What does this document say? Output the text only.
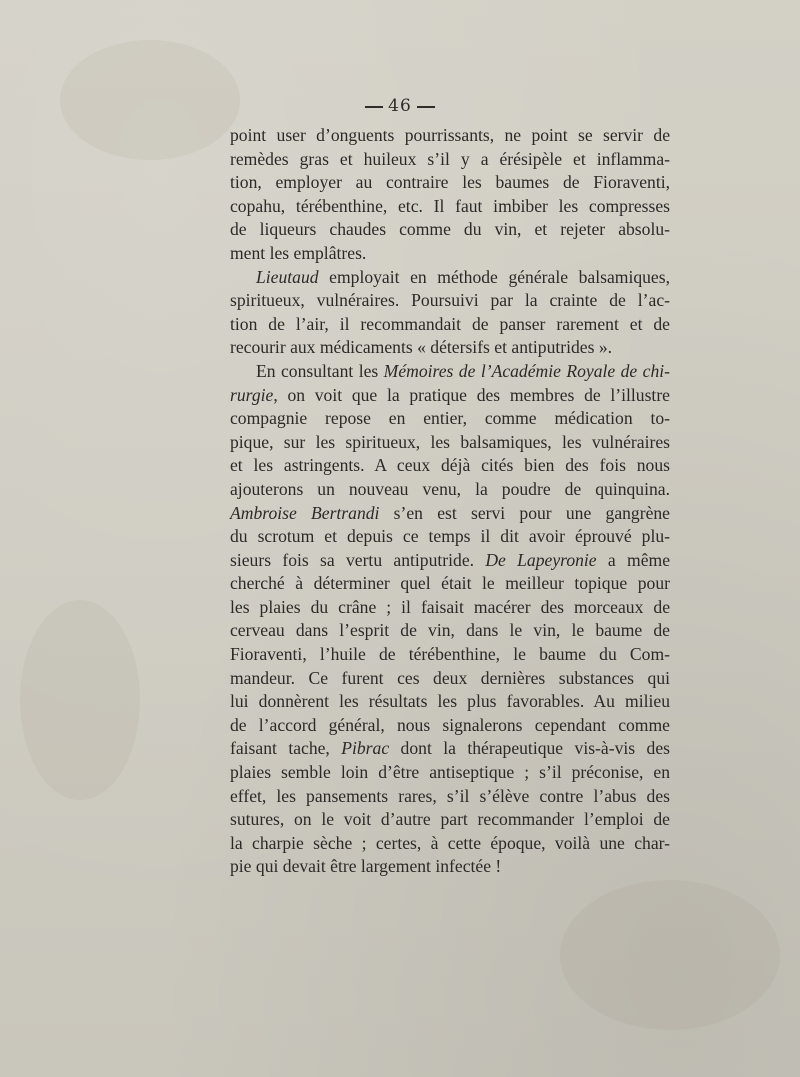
46
point user d’onguents pourrissants, ne point se servir de
remèdes gras et huileux s’il y a érésipèle et inflamma-
tion, employer au contraire les baumes de Fioraventi,
copahu, térébenthine, etc. Il faut imbiber les compresses
de liqueurs chaudes comme du vin, et rejeter absolu-
ment les emplâtres.
Lieutaud employait en méthode générale balsamiques,
spiritueux, vulnéraires. Poursuivi par la crainte de l’ac-
tion de l’air, il recommandait de panser rarement et de
recourir aux médicaments « détersifs et antiputrides ».
En consultant les Mémoires de l’Académie Royale de chi-
rurgie, on voit que la pratique des membres de l’illustre
compagnie repose en entier, comme médication to-
pique, sur les spiritueux, les balsamiques, les vulnéraires
et les astringents. A ceux déjà cités bien des fois nous
ajouterons un nouveau venu, la poudre de quinquina.
Ambroise Bertrandi s’en est servi pour une gangrène
du scrotum et depuis ce temps il dit avoir éprouvé plu-
sieurs fois sa vertu antiputride. De Lapeyronie a même
cherché à déterminer quel était le meilleur topique pour
les plaies du crâne ; il faisait macérer des morceaux de
cerveau dans l’esprit de vin, dans le vin, le baume de
Fioraventi, l’huile de térébenthine, le baume du Com-
mandeur. Ce furent ces deux dernières substances qui
lui donnèrent les résultats les plus favorables. Au milieu
de l’accord général, nous signalerons cependant comme
faisant tache, Pibrac dont la thérapeutique vis-à-vis des
plaies semble loin d’être antiseptique ; s’il préconise, en
effet, les pansements rares, s’il s’élève contre l’abus des
sutures, on le voit d’autre part recommander l’emploi de
la charpie sèche ; certes, à cette époque, voilà une char-
pie qui devait être largement infectée !
